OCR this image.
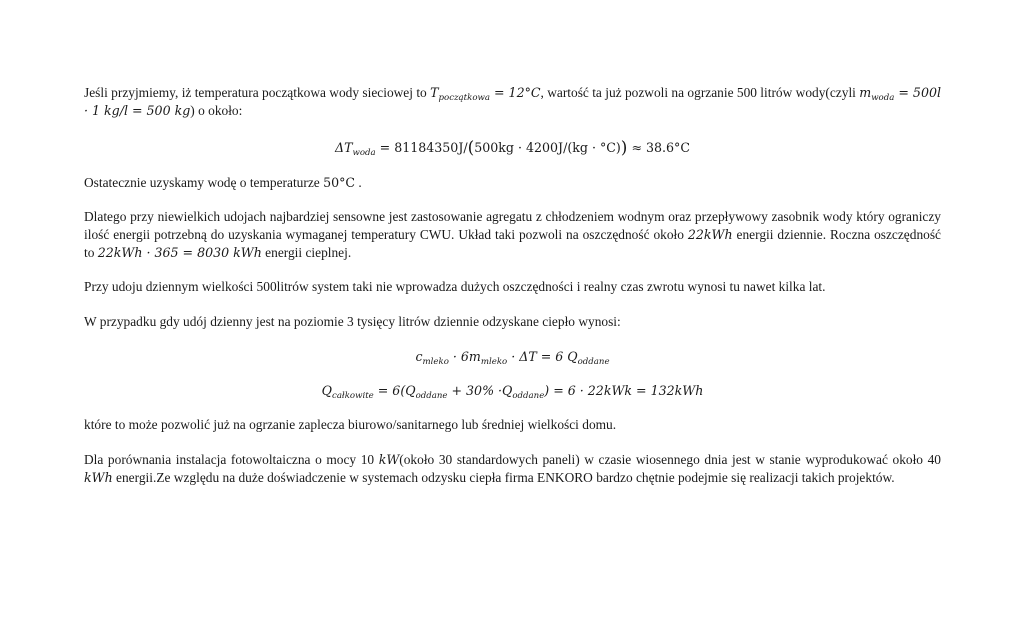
Jeśli przyjmiemy, iż temperatura początkowa wody sieciowej to $T_{początkowa} = 12^\circ C$, wartość ta już pozwoli na ogrzanie 500 litrów wody(czyli $m_{woda} = 500l \cdot 1$ kg/l = 500 kg) o około:

$\Delta T_{woda} = 81184350J/(500kg \cdot 4200J/(kg \cdot ^\circ C)) \approx 38.6^\circ C$

Ostatecznie uzyskamy wodę o temperaturze 50°C .

Dlatego przy niewielkich udojach najbardziej sensowne jest zastosowanie agregatu z chłodzeniem wodnym oraz przepływowy zasobnik wody który ograniczy ilość energii potrzebną do uzyskania wymaganej temperatury CWU. Układ taki pozwoli na oszczędność około 22kWh energii dziennie. Roczna oszczędność to 22kWh · 365 = 8030 kWh energii cieplnej.

Przy udoju dziennym wielkości 500litrów system taki nie wprowadza dużych oszczędności i realny czas zwrotu wynosi tu nawet kilka lat.

W przypadku gdy udój dzienny jest na poziomie 3 tysięcy litrów dziennie odzyskane ciepło wynosi:

$c_{mleko} \cdot 6m_{mleko} \cdot \Delta T = 6$ $Q_{oddane}$

$Q_{całkowite} = 6(Q_{oddane} + 30\% \cdot Q_{oddane}) = 6 \cdot 22kWk = 132kWh$

które to może pozwolić już na ogrzanie zaplecza biurowo/sanitarnego lub średniej wielkości domu.

Dla porównania instalacja fotowoltaiczna o mocy 10 kW(około 30 standardowych paneli) w czasie wiosennego dnia jest w stanie wyprodukować około 40 kWh energii.Ze względu na duże doświadczenie w systemach odzysku ciepła firma ENKORO bardzo chętnie podejmie się realizacji takich projektów.
